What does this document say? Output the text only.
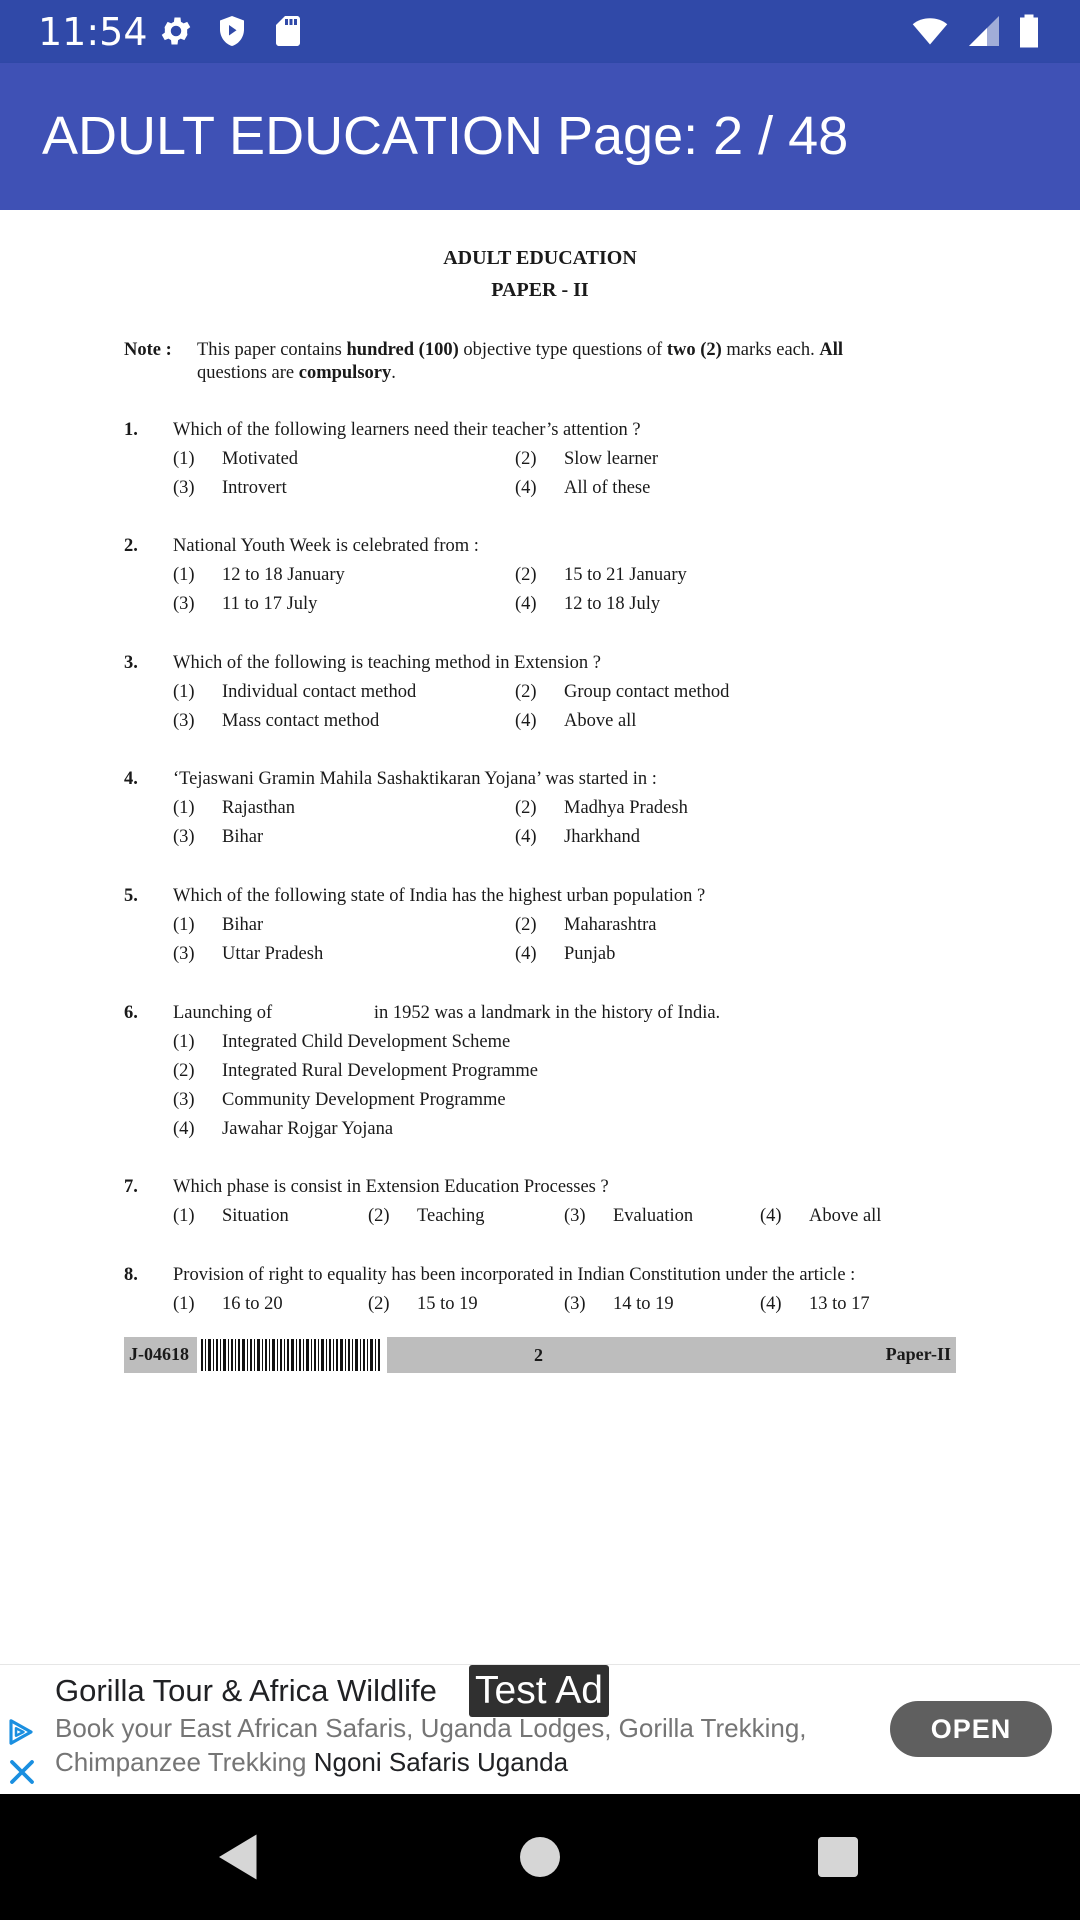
11:54
ADULT EDUCATION Page: 2 / 48
ADULT EDUCATION
PAPER - II
Note : This paper contains hundred (100) objective type questions of two (2) marks each. All
questions are compulsory.
1. Which of the following learners need their teacher’s attention ?
(1) Motivated	(2) Slow learner
(3) Introvert	(4) All of these
2. National Youth Week is celebrated from :
(1) 12 to 18 January	(2) 15 to 21 January
(3) 11 to 17 July	(4) 12 to 18 July
3. Which of the following is teaching method in Extension ?
(1) Individual contact method	(2) Group contact method
(3) Mass contact method	(4) Above all
4. ‘Tejaswani Gramin Mahila Sashaktikaran Yojana’ was started in :
(1) Rajasthan	(2) Madhya Pradesh
(3) Bihar	(4) Jharkhand
5. Which of the following state of India has the highest urban population ?
(1) Bihar	(2) Maharashtra
(3) Uttar Pradesh	(4) Punjab
6. Launching of                      in 1952 was a landmark in the history of India.
(1) Integrated Child Development Scheme
(2) Integrated Rural Development Programme
(3) Community Development Programme
(4) Jawahar Rojgar Yojana
7. Which phase is consist in Extension Education Processes ?
(1) Situation	(2) Teaching	(3) Evaluation	(4) Above all
8. Provision of right to equality has been incorporated in Indian Constitution under the article :
(1) 16 to 20	(2) 15 to 19	(3) 14 to 19	(4) 13 to 17
J-04618	2	Paper-II
Gorilla Tour & Africa Wildlife Test Ad
Book your East African Safaris, Uganda Lodges, Gorilla Trekking, Chimpanzee Trekking Ngoni Safaris Uganda
OPEN
